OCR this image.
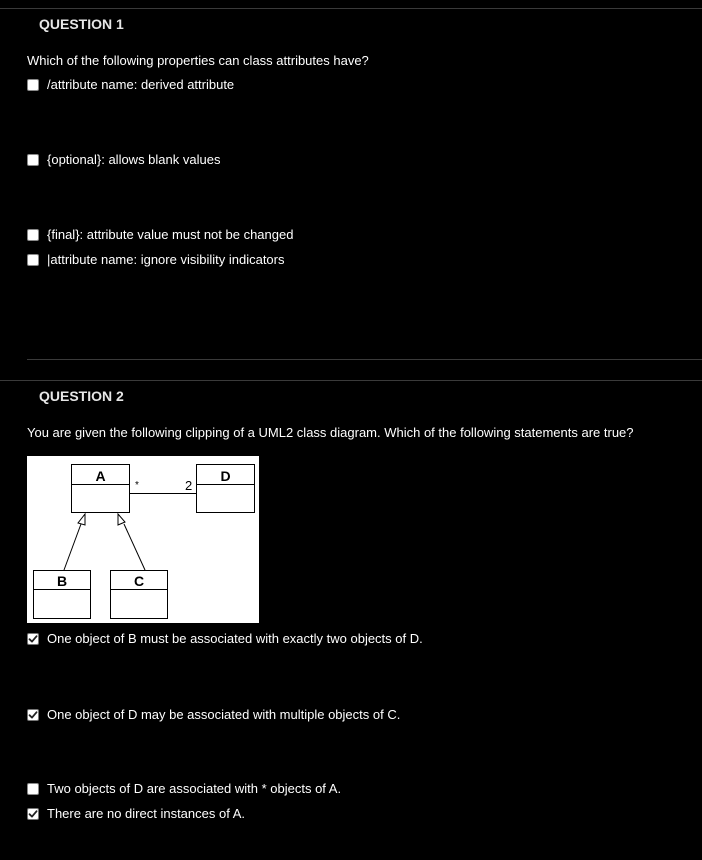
QUESTION 1
Which of the following properties can class attributes have?
/attribute name: derived attribute
{optional}: allows blank values
{final}: attribute value must not be changed
|attribute name: ignore visibility indicators
QUESTION 2
You are given the following clipping of a UML2 class diagram. Which of the following statements are true?
A	D
B	C
*	2
One object of B must be associated with exactly two objects of D.
One object of D may be associated with multiple objects of C.
Two objects of D are associated with * objects of A.
There are no direct instances of A.
